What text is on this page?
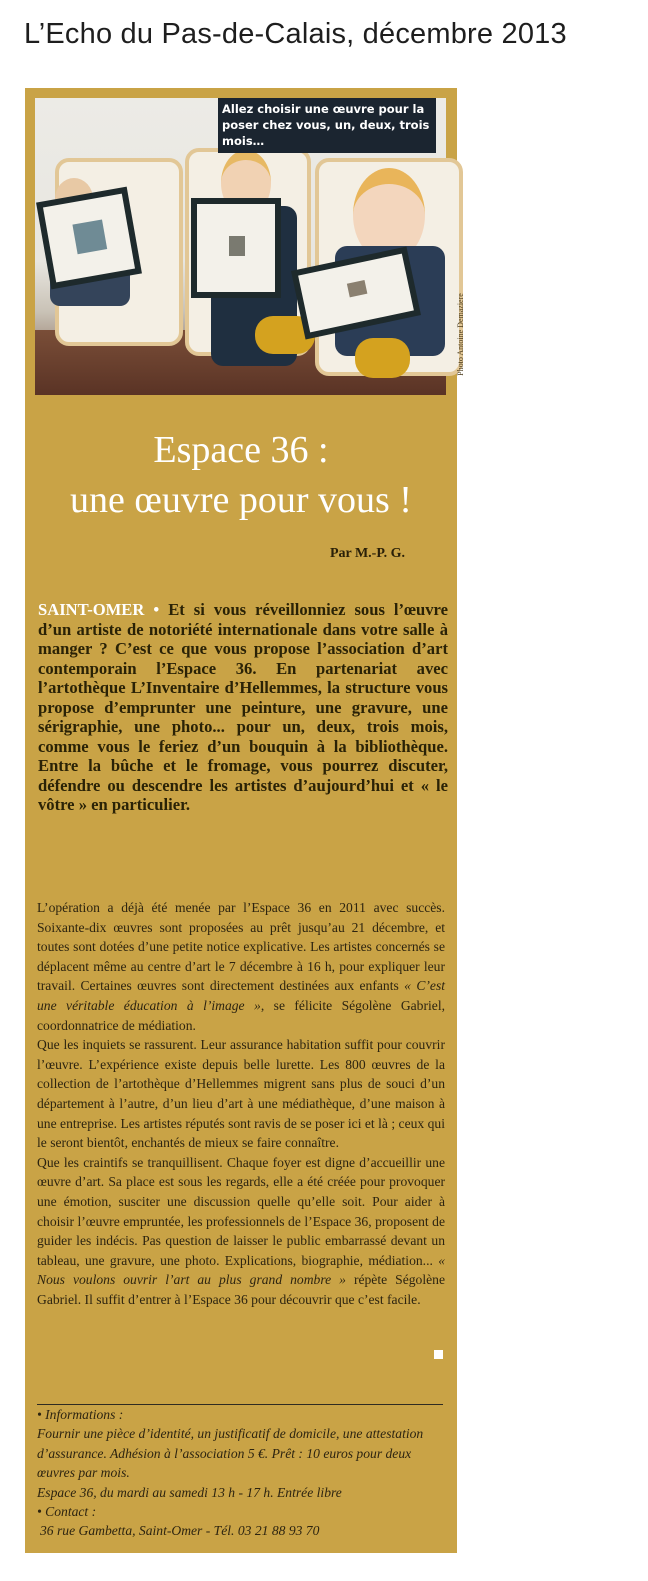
L’Echo du Pas-de-Calais, décembre 2013
Allez choisir une œuvre pour la poser chez vous, un, deux, trois mois…
Photo Antoine Demaziere
Espace 36 :
une œuvre pour vous !
Par M.-P. G.
SAINT-OMER • Et si vous réveillonniez sous l’œuvre d’un artiste de notoriété internationale dans votre salle à manger ? C’est ce que vous propose l’association d’art contemporain l’Espace 36. En partenariat avec l’artothèque L’Inventaire d’Hellemmes, la structure vous propose d’emprunter une peinture, une gravure, une sérigraphie, une photo... pour un, deux, trois mois, comme vous le feriez d’un bouquin à la bibliothèque. Entre la bûche et le fromage, vous pourrez discuter, défendre ou descendre les artistes d’aujourd’hui et « le vôtre » en particulier.

L’opération a déjà été menée par l’Espace 36 en 2011 avec succès. Soixante-dix œuvres sont proposées au prêt jusqu’au 21 décembre, et toutes sont dotées d’une petite notice explicative. Les artistes concernés se déplacent même au centre d’art le 7 décembre à 16 h, pour expliquer leur travail. Certaines œuvres sont directement destinées aux enfants « C’est une véritable éducation à l’image », se félicite Ségolène Gabriel, coordonnatrice de médiation.

Que les inquiets se rassurent. Leur assurance habitation suffit pour couvrir l’œuvre. L’expérience existe depuis belle lurette. Les 800 œuvres de la collection de l’artothèque d’Hellemmes migrent sans plus de souci d’un département à l’autre, d’un lieu d’art à une médiathèque, d’une maison à une entreprise. Les artistes réputés sont ravis de se poser ici et là ; ceux qui le seront bientôt, enchantés de mieux se faire connaître.

Que les craintifs se tranquillisent. Chaque foyer est digne d’accueillir une œuvre d’art. Sa place est sous les regards, elle a été créée pour provoquer une émotion, susciter une discussion quelle qu’elle soit. Pour aider à choisir l’œuvre empruntée, les professionnels de l’Espace 36, proposent de guider les indécis. Pas question de laisser le public embarrassé devant un tableau, une gravure, une photo. Explications, biographie, médiation... « Nous voulons ouvrir l’art au plus grand nombre » répète Ségolène Gabriel. Il suffit d’entrer à l’Espace 36 pour découvrir que c’est facile.

• Informations :
Fournir une pièce d’identité, un justificatif de domicile, une attestation d’assurance. Adhésion à l’association 5 €. Prêt : 10 euros pour deux œuvres par mois.
Espace 36, du mardi au samedi 13 h - 17 h. Entrée libre
• Contact :
36 rue Gambetta, Saint-Omer - Tél. 03 21 88 93 70
